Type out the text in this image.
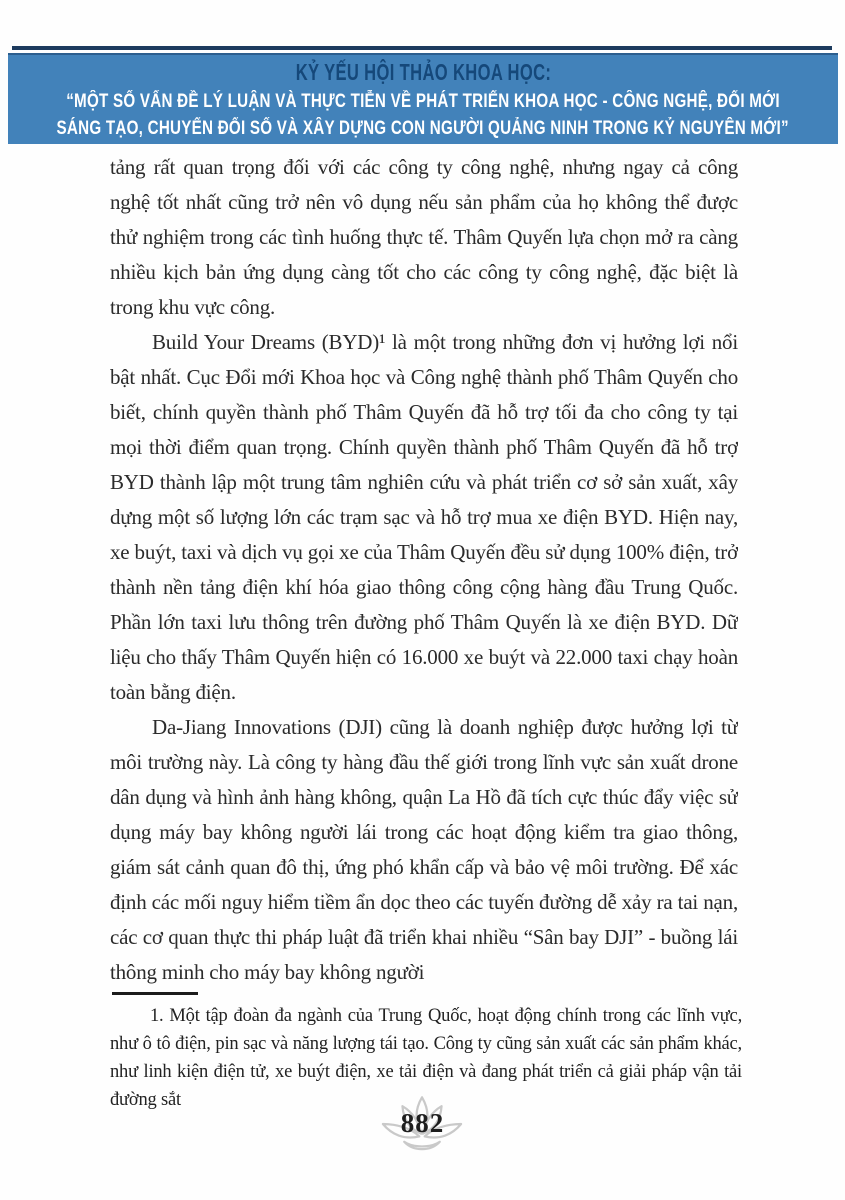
KỶ YẾU HỘI THẢO KHOA HỌC:
“MỘT SỐ VẤN ĐỀ LÝ LUẬN VÀ THỰC TIỄN VỀ PHÁT TRIỂN KHOA HỌC - CÔNG NGHỆ, ĐỔI MỚI
SÁNG TẠO, CHUYỂN ĐỔI SỐ VÀ XÂY DỰNG CON NGƯỜI QUẢNG NINH TRONG KỶ NGUYÊN MỚI”

tảng rất quan trọng đối với các công ty công nghệ, nhưng ngay cả công nghệ tốt nhất cũng trở nên vô dụng nếu sản phẩm của họ không thể được thử nghiệm trong các tình huống thực tế. Thâm Quyến lựa chọn mở ra càng nhiều kịch bản ứng dụng càng tốt cho các công ty công nghệ, đặc biệt là trong khu vực công.

Build Your Dreams (BYD)¹ là một trong những đơn vị hưởng lợi nổi bật nhất. Cục Đổi mới Khoa học và Công nghệ thành phố Thâm Quyến cho biết, chính quyền thành phố Thâm Quyến đã hỗ trợ tối đa cho công ty tại mọi thời điểm quan trọng. Chính quyền thành phố Thâm Quyến đã hỗ trợ BYD thành lập một trung tâm nghiên cứu và phát triển cơ sở sản xuất, xây dựng một số lượng lớn các trạm sạc và hỗ trợ mua xe điện BYD. Hiện nay, xe buýt, taxi và dịch vụ gọi xe của Thâm Quyến đều sử dụng 100% điện, trở thành nền tảng điện khí hóa giao thông công cộng hàng đầu Trung Quốc. Phần lớn taxi lưu thông trên đường phố Thâm Quyến là xe điện BYD. Dữ liệu cho thấy Thâm Quyến hiện có 16.000 xe buýt và 22.000 taxi chạy hoàn toàn bằng điện.

Da-Jiang Innovations (DJI) cũng là doanh nghiệp được hưởng lợi từ môi trường này. Là công ty hàng đầu thế giới trong lĩnh vực sản xuất drone dân dụng và hình ảnh hàng không, quận La Hồ đã tích cực thúc đẩy việc sử dụng máy bay không người lái trong các hoạt động kiểm tra giao thông, giám sát cảnh quan đô thị, ứng phó khẩn cấp và bảo vệ môi trường. Để xác định các mối nguy hiểm tiềm ẩn dọc theo các tuyến đường dễ xảy ra tai nạn, các cơ quan thực thi pháp luật đã triển khai nhiều “Sân bay DJI” - buồng lái thông minh cho máy bay không người

1. Một tập đoàn đa ngành của Trung Quốc, hoạt động chính trong các lĩnh vực, như ô tô điện, pin sạc và năng lượng tái tạo. Công ty cũng sản xuất các sản phẩm khác, như linh kiện điện tử, xe buýt điện, xe tải điện và đang phát triển cả giải pháp vận tải đường sắt
882
